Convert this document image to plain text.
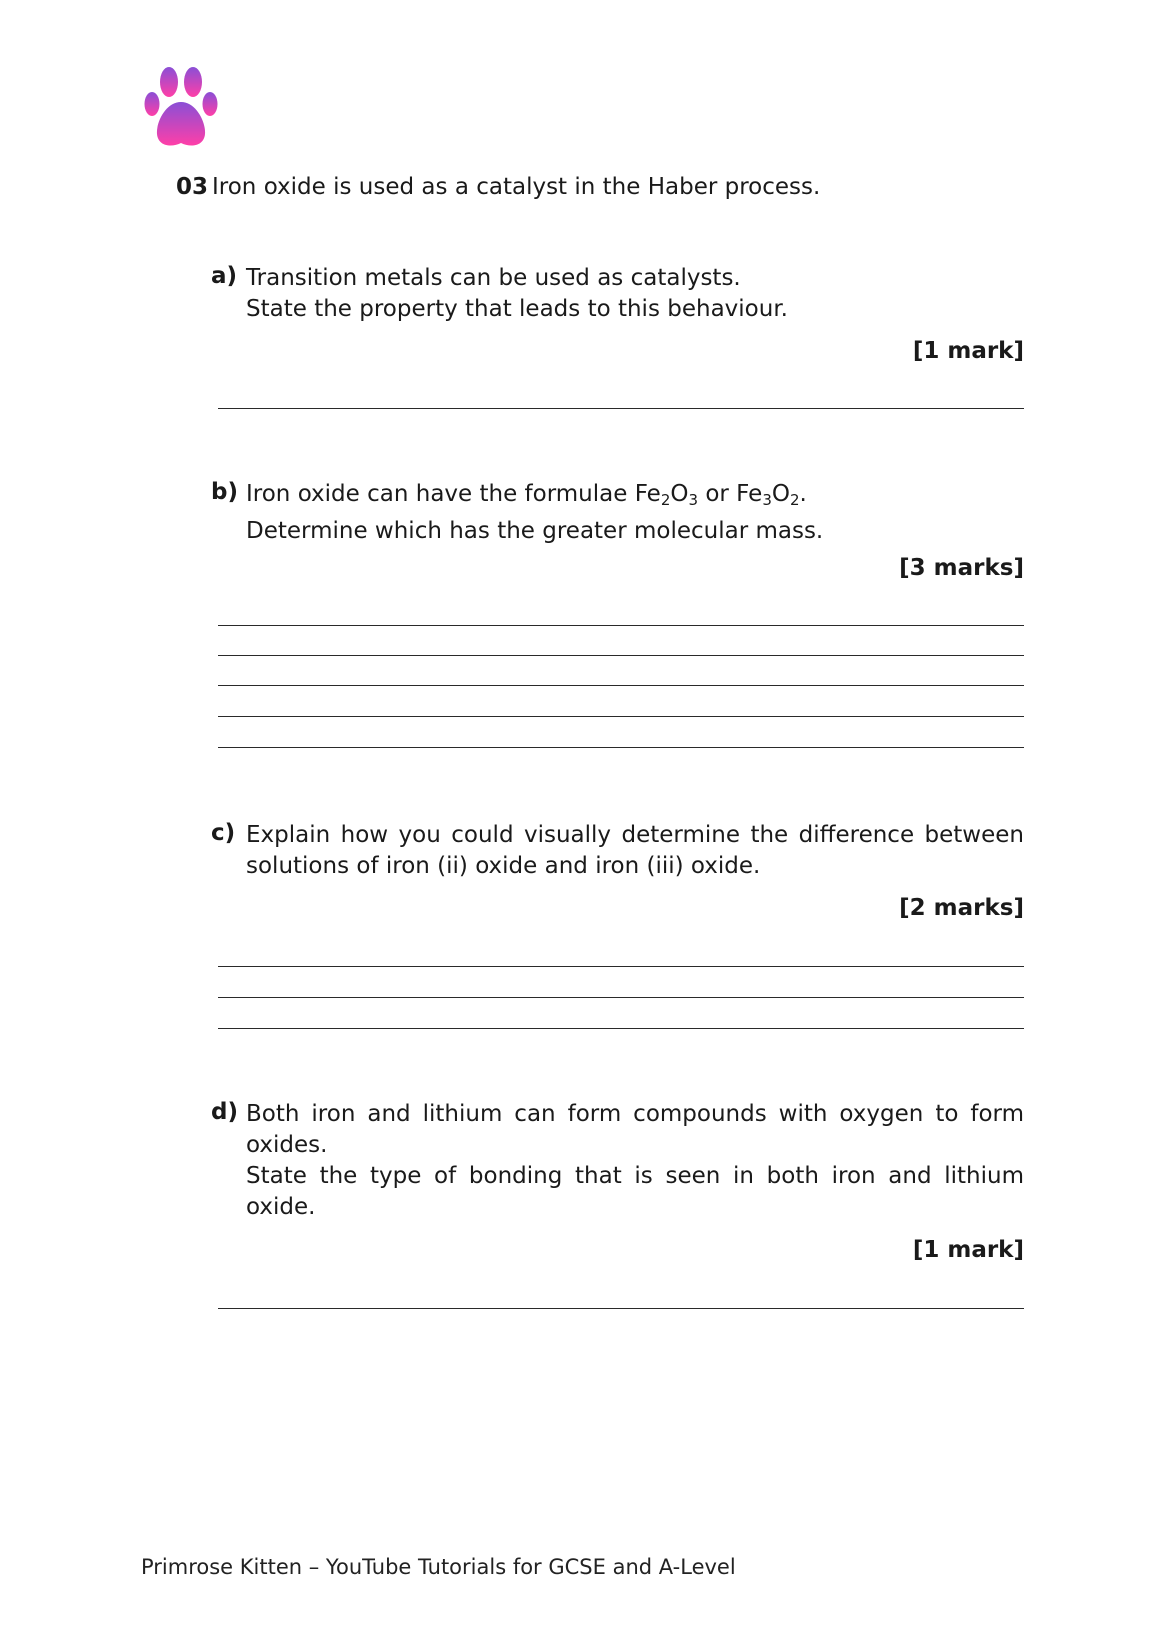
03 Iron oxide is used as a catalyst in the Haber process.
a) Transition metals can be used as catalysts.

State the property that leads to this behaviour.

[1 mark]
b) Iron oxide can have the formulae $Fe_2O_3$ or $Fe_3O_2$.

Determine which has the greater molecular mass.

[3 marks]
c) Explain how you could visually determine the difference between solutions of iron (ii) oxide and iron (iii) oxide.
[2 marks]
d) Both iron and lithium can form compounds with oxygen to form oxides.

State the type of bonding that is seen in both iron and lithium oxide.

[1 mark]
Primrose Kitten – YouTube Tutorials for GCSE and A-Level
